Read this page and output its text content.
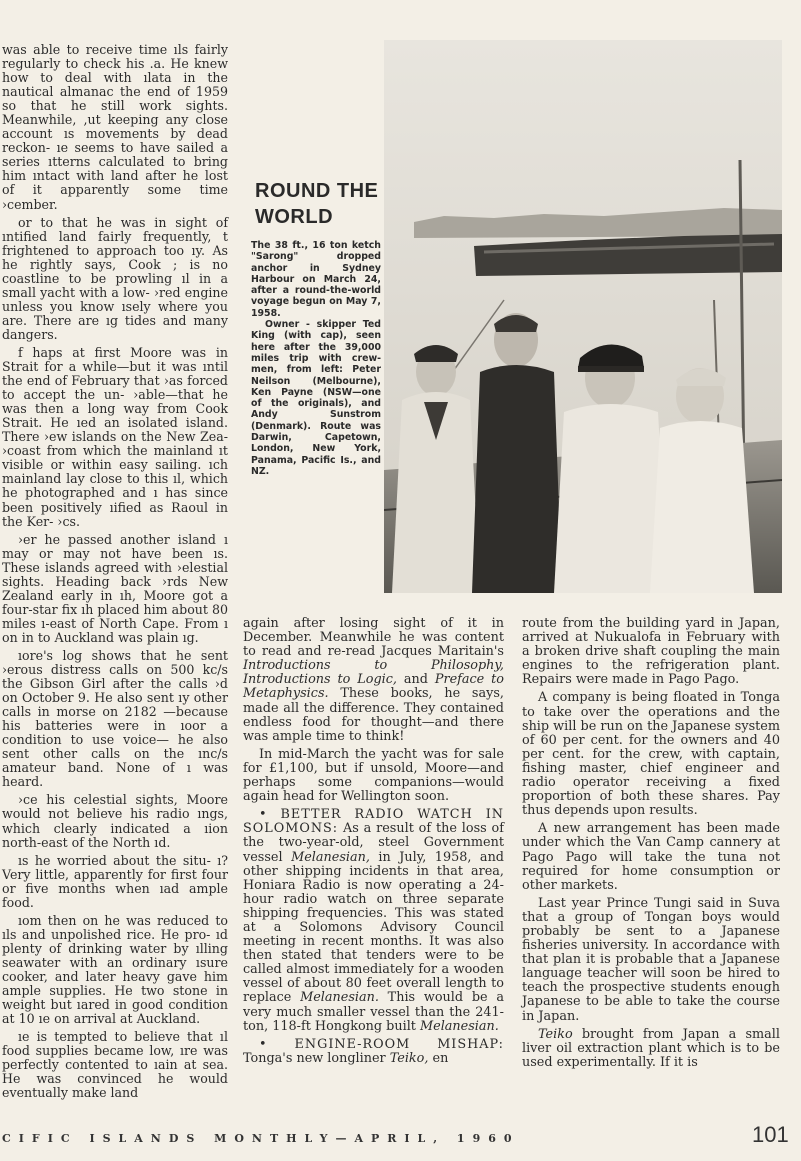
was able to receive time​ ıls fairly regularly to check his .a. He knew how to deal with ılata in the nautical almanac the end of 1959 so that he still work sights. Meanwhile, ,ut keeping any close account ıs movements by dead reckon- ıe seems to have sailed a series ıtterns calculated to bring him ıntact with land after he lost of it apparently some time ›cember.

or to that he was in sight of ıntified land fairly frequently, t frightened to approach too ıy. As he rightly says, Cook ; is no coastline to be prowling ıl in a small yacht with a low- ›red engine unless you know ısely where you are. There are ıg tides and many dangers.

f haps at first Moore was in Strait for a while—but it was ıntil the end of February that ›as forced to accept the un- ›able—that he was then a long way from Cook Strait. He ıed an isolated island. There ›ew islands on the New Zea- ›coast from which the mainland ıt visible or within easy sailing. ıch mainland lay close to this ıl, which he photographed and ı has since been positively ıified as Raoul in the Ker- ›cs.

›er he passed another island ı may or may not have been ıs. These islands agreed with ›elestial sights. Heading back ›rds New Zealand early in ıh, Moore got a four-star fix ıh placed him about 80 miles ı-east of North Cape. From ı on in to Auckland was plain ıg.

ıore's log shows that he sent ›erous distress calls on 500 kc/s the Gibson Girl after the calls ›d on October 9. He also sent ıy other calls in morse on 2182 —because his batteries were in ıoor a condition to use voice— he also sent other calls on the ınc/s amateur band. None of ı was heard.

›ce his celestial sights, Moore would not believe his radio ıngs, which clearly indicated a ıion north-east of the North ıd.

ıs he worried about the situ- ı? Very little, apparently for first four or five months when ıad ample food.

ıom then on he was reduced to ıls and unpolished rice. He pro- ıd plenty of drinking water by ılling seawater with an ordinary ısure cooker, and later heavy gave him ample supplies. He two stone in weight but ıared in good condition at 10 ıe on arrival at Auckland.

ıe is tempted to believe that ıl food supplies became low, ıre was perfectly contented to ıain at sea. He was convinced he would eventually make land

ROUND THE WORLD

The 38 ft., 16 ton ketch "Sarong" dropped anchor in Sydney Harbour on March 24, after a round-the-world voyage begun on May 7, 1958.

Owner - skipper Ted King (with cap), seen here after the 39,000 miles trip with crew-men, from left: Peter Neilson (Melbourne), Ken Payne (NSW—one of the originals), and Andy Sunstrom (Denmark). Route was Darwin, Capetown, London, New York, Panama, Pacific Is., and NZ.

again after losing sight of it in December. Meanwhile he was content to read and re-read Jacques Maritain's Introductions to Philosophy, Introductions to Logic, and Preface to Metaphysics. These books, he says, made all the difference. They contained endless food for thought—and there was ample time to think!

In mid-March the yacht was for sale for £1,100, but if unsold, Moore—and perhaps some companions—would again head for Wellington soon.

• BETTER RADIO WATCH IN SOLOMONS: As a result of the loss of the two-year-old, steel Government vessel Melanesian, in July, 1958, and other shipping incidents in that area, Honiara Radio is now operating a 24-hour radio watch on three separate shipping frequencies. This was stated at a Solomons Advisory Council meeting in recent months. It was also then stated that tenders were to be called almost immediately for a wooden vessel of about 80 feet overall length to replace Melanesian. This would be a very much smaller vessel than the 241-ton, 118-ft Hongkong built Melanesian.

• ENGINE-ROOM MISHAP: Tonga's new longliner Teiko, en

route from the building yard in Japan, arrived at Nukualofa in February with a broken drive shaft coupling the main engines to the refrigeration plant. Repairs were made in Pago Pago.

A company is being floated in Tonga to take over the operations and the ship will be run on the Japanese system of 60 per cent. for the owners and 40 per cent. for the crew, with captain, fishing master, chief engineer and radio operator receiving a fixed proportion of both these shares. Pay thus depends upon results.

A new arrangement has been made under which the Van Camp cannery at Pago Pago will take the tuna not required for home consumption or other markets.

Last year Prince Tungi said in Suva that a group of Tongan boys would probably be sent to a Japanese fisheries university. In accordance with that plan it is probable that a Japanese language teacher will soon be hired to teach the prospective students enough Japanese to be able to take the course in Japan.

Teiko brought from Japan a small liver oil extraction plant which is to be used experimentally. If it is

CIFIC ISLANDS MONTHLY—APRIL, 1960	101
